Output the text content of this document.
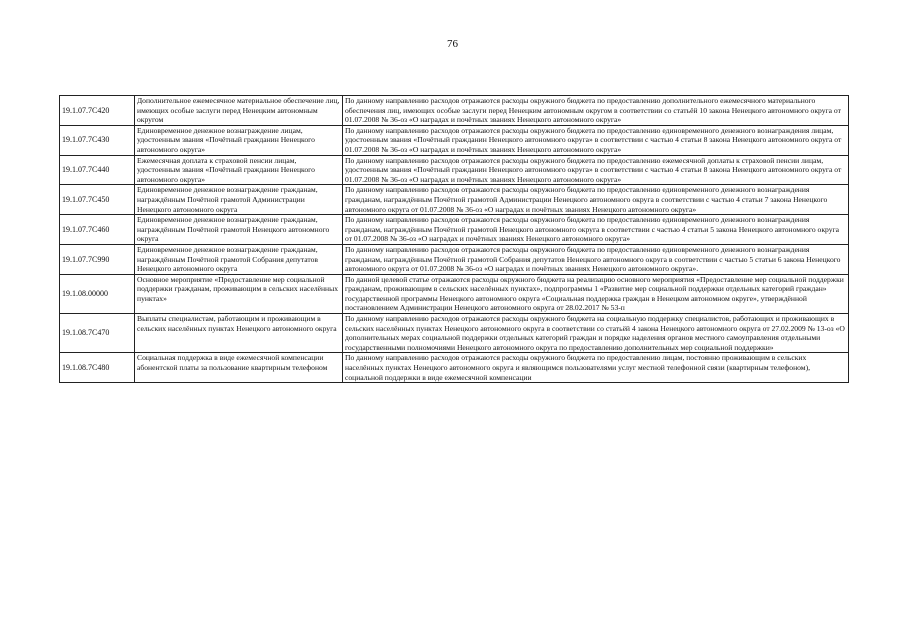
76
19.1.07.7С420	Дополнительное ежемесячное материальное обеспечение лиц, имеющих особые заслуги перед Ненецким автономным округом	По данному направлению расходов отражаются расходы окружного бюджета по предоставлению дополнительного ежемесячного материального обеспечения лиц, имеющих особые заслуги перед Ненецким автономным округом в соответствии со статьёй 10 закона Ненецкого автономного округа от 01.07.2008 № 36-оз «О наградах и почётных званиях Ненецкого автономного округа»
19.1.07.7С430	Единовременное денежное вознаграждение лицам, удостоенным звания «Почётный гражданин Ненецкого автономного округа»	По данному направлению расходов отражаются расходы окружного бюджета по предоставлению единовременного денежного вознаграждения лицам, удостоенным звания «Почётный гражданин Ненецкого автономного округа» в соответствии с частью 4 статьи 8 закона Ненецкого автономного округа от 01.07.2008 № 36-оз «О наградах и почётных званиях Ненецкого автономного округа»
19.1.07.7С440	Ежемесячная доплата к страховой пенсии лицам, удостоенным звания «Почётный гражданин Ненецкого автономного округа»	По данному направлению расходов отражаются расходы окружного бюджета по предоставлению ежемесячной доплаты к страховой пенсии лицам, удостоенным звания «Почётный гражданин Ненецкого автономного округа» в соответствии с частью 4 статьи 8 закона Ненецкого автономного округа от 01.07.2008 № 36-оз «О наградах и почётных званиях Ненецкого автономного округа»
19.1.07.7С450	Единовременное денежное вознаграждение гражданам, награждённым Почётной грамотой Администрации Ненецкого автономного округа	По данному направлению расходов отражаются расходы окружного бюджета по предоставлению единовременного денежного вознаграждения гражданам, награждённым Почётной грамотой Администрации Ненецкого автономного округа в соответствии с частью 4 статьи 7 закона Ненецкого автономного округа от 01.07.2008 № 36-оз «О наградах и почётных званиях Ненецкого автономного округа»
19.1.07.7С460	Единовременное денежное вознаграждение гражданам, награждённым Почётной грамотой Ненецкого автономного округа	По данному направлению расходов отражаются расходы окружного бюджета по предоставлению единовременного денежного вознаграждения гражданам, награждённым Почётной грамотой Ненецкого автономного округа в соответствии с частью 4 статьи 5 закона Ненецкого автономного округа от 01.07.2008 № 36-оз «О наградах и почётных званиях Ненецкого автономного округа»
19.1.07.7С990	Единовременное денежное вознаграждение гражданам, награждённым Почётной грамотой Собрания депутатов Ненецкого автономного округа	По данному направлению расходов отражаются расходы окружного бюджета по предоставлению единовременного денежного вознаграждения гражданам, награждённым Почётной грамотой Собрания депутатов Ненецкого автономного округа в соответствии с частью 5 статьи 6 закона Ненецкого автономного округа от 01.07.2008 № 36-оз «О наградах и почётных званиях Ненецкого автономного округа».
19.1.08.00000	Основное мероприятие «Предоставление мер социальной поддержки гражданам, проживающим в сельских населённых пунктах»	По данной целевой статье отражаются расходы окружного бюджета на реализацию основного мероприятия «Предоставление мер социальной поддержки гражданам, проживающим в сельских населённых пунктах», подпрограммы 1 «Развитие мер социальной поддержки отдельных категорий граждан» государственной программы Ненецкого автономного округа «Социальная поддержка граждан в Ненецком автономном округе», утверждённой постановлением Администрации Ненецкого автономного округа от 28.02.2017 № 53-п
19.1.08.7С470	Выплаты специалистам, работающим и проживающим в сельских населённых пунктах Ненецкого автономного округа	По данному направлению расходов отражаются расходы окружного бюджета на социальную поддержку специалистов, работающих и проживающих в сельских населённых пунктах Ненецкого автономного округа в соответствии со статьёй 4 закона Ненецкого автономного округа от 27.02.2009 № 13-оз «О дополнительных мерах социальной поддержки отдельных категорий граждан и порядке наделения органов местного самоуправления отдельными государственными полномочиями Ненецкого автономного округа по предоставлению дополнительных мер социальной поддержки»
19.1.08.7С480	Социальная поддержка в виде ежемесячной компенсации абонентской платы за пользование квартирным телефоном	По данному направлению расходов отражаются расходы окружного бюджета по предоставлению лицам, постоянно проживающим в сельских населённых пунктах Ненецкого автономного округа и являющимся пользователями услуг местной телефонной связи (квартирным телефоном), социальной поддержки в виде ежемесячной компенсации
